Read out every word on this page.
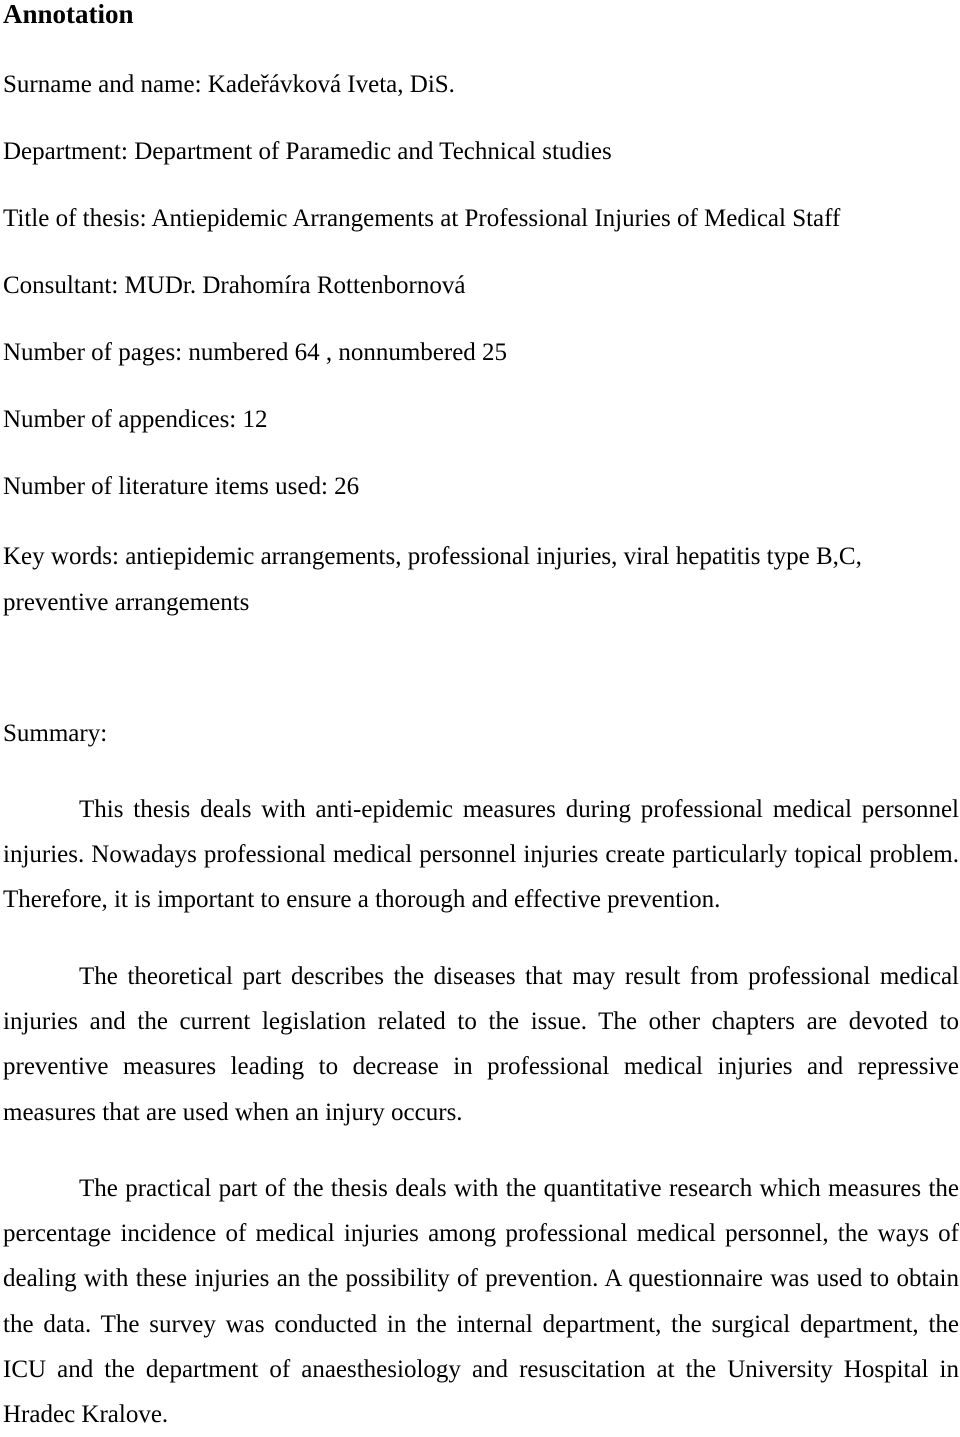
Annotation

Surname and name: Kadeřávková Iveta, DiS.

Department: Department of Paramedic and Technical studies

Title of thesis: Antiepidemic Arrangements at Professional Injuries of Medical Staff

Consultant: MUDr. Drahomíra Rottenbornová

Number of pages: numbered 64 , nonnumbered 25

Number of appendices: 12

Number of literature items used: 26

Key words: antiepidemic arrangements, professional injuries, viral hepatitis type B,C, preventive arrangements

Summary:

This thesis deals with anti-epidemic measures during professional medical personnel injuries. Nowadays professional medical personnel injuries create particularly topical problem. Therefore, it is important to ensure a thorough and effective prevention.

The theoretical part describes the diseases that may result from professional medical injuries and the current legislation related to the issue. The other chapters are devoted to preventive measures leading to decrease in professional medical injuries and repressive measures that are used when an injury occurs.

The practical part of the thesis deals with the quantitative research which measures the percentage incidence of medical injuries among professional medical personnel, the ways of dealing with these injuries an the possibility of prevention. A questionnaire was used to obtain the data. The survey was conducted in the internal department, the surgical department, the ICU and the department of anaesthesiology and resuscitation at the University Hospital in Hradec Kralove.
